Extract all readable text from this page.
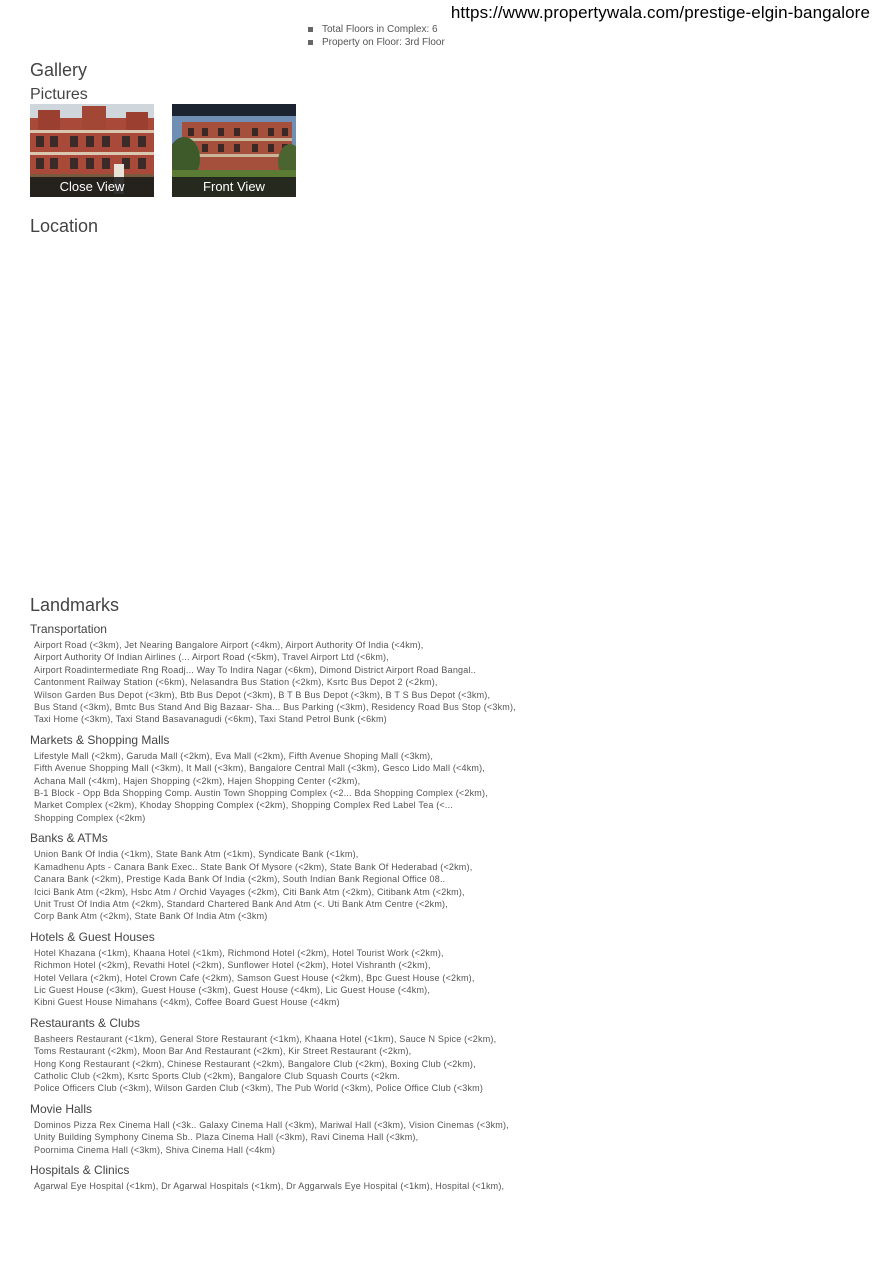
https://www.propertywala.com/prestige-elgin-bangalore
Total Floors in Complex: 6
Property on Floor: 3rd Floor
Gallery
Pictures
Close View	Front View
Location
Landmarks
Transportation
Airport Road (<3km), Jet Nearing Bangalore Airport (<4km), Airport Authority Of India (<4km),
Airport Authority Of Indian Airlines (... Airport Road (<5km), Travel Airport Ltd (<6km),
Airport Roadintermediate Rng Roadj... Way To Indira Nagar (<6km), Dimond District Airport Road Bangal..
Cantonment Railway Station (<6km), Nelasandra Bus Station (<2km), Ksrtc Bus Depot 2 (<2km),
Wilson Garden Bus Depot (<3km), Btb Bus Depot (<3km), B T B Bus Depot (<3km), B T S Bus Depot (<3km),
Bus Stand (<3km), Bmtc Bus Stand And Big Bazaar- Sha... Bus Parking (<3km), Residency Road Bus Stop (<3km),
Taxi Home (<3km), Taxi Stand Basavanagudi (<6km), Taxi Stand Petrol Bunk (<6km)
Markets & Shopping Malls
Lifestyle Mall (<2km), Garuda Mall (<2km), Eva Mall (<2km), Fifth Avenue Shoping Mall (<3km),
Fifth Avenue Shopping Mall (<3km), It Mall (<3km), Bangalore Central Mall (<3km), Gesco Lido Mall (<4km),
Achana Mall (<4km), Hajen Shopping (<2km), Hajen Shopping Center (<2km),
B-1 Block - Opp Bda Shopping Comp. Austin Town Shopping Complex (<2... Bda Shopping Complex (<2km),
Market Complex (<2km), Khoday Shopping Complex (<2km), Shopping Complex Red Label Tea (<...
Shopping Complex (<2km)
Banks & ATMs
Union Bank Of India (<1km), State Bank Atm (<1km), Syndicate Bank (<1km),
Kamadhenu Apts - Canara Bank Exec.. State Bank Of Mysore (<2km), State Bank Of Hederabad (<2km),
Canara Bank (<2km), Prestige Kada Bank Of India (<2km), South Indian Bank Regional Office 08..
Icici Bank Atm (<2km), Hsbc Atm / Orchid Vayages (<2km), Citi Bank Atm (<2km), Citibank Atm (<2km),
Unit Trust Of India Atm (<2km), Standard Chartered Bank And Atm (<. Uti Bank Atm Centre (<2km),
Corp Bank Atm (<2km), State Bank Of India Atm (<3km)
Hotels & Guest Houses
Hotel Khazana (<1km), Khaana Hotel (<1km), Richmond Hotel (<2km), Hotel Tourist Work (<2km),
Richmon Hotel (<2km), Revathi Hotel (<2km), Sunflower Hotel (<2km), Hotel Vishranth (<2km),
Hotel Vellara (<2km), Hotel Crown Cafe (<2km), Samson Guest House (<2km), Bpc Guest House (<2km),
Lic Guest House (<3km), Guest House (<3km), Guest House (<4km), Lic Guest House (<4km),
Kibni Guest House Nimahans (<4km), Coffee Board Guest House (<4km)
Restaurants & Clubs
Basheers Restaurant (<1km), General Store Restaurant (<1km), Khaana Hotel (<1km), Sauce N Spice (<2km),
Toms Restaurant (<2km), Moon Bar And Restaurant (<2km), Kir Street Restaurant (<2km),
Hong Kong Restaurant (<2km), Chinese Restaurant (<2km), Bangalore Club (<2km), Boxing Club (<2km),
Catholic Club (<2km), Ksrtc Sports Club (<2km), Bangalore Club Squash Courts (<2km.
Police Officers Club (<3km), Wilson Garden Club (<3km), The Pub World (<3km), Police Office Club (<3km)
Movie Halls
Dominos Pizza Rex Cinema Hall (<3k.. Galaxy Cinema Hall (<3km), Mariwal Hall (<3km), Vision Cinemas (<3km),
Unity Building Symphony Cinema Sb.. Plaza Cinema Hall (<3km), Ravi Cinema Hall (<3km),
Poornima Cinema Hall (<3km), Shiva Cinema Hall (<4km)
Hospitals & Clinics
Agarwal Eye Hospital (<1km), Dr Agarwal Hospitals (<1km), Dr Aggarwals Eye Hospital (<1km), Hospital (<1km),
